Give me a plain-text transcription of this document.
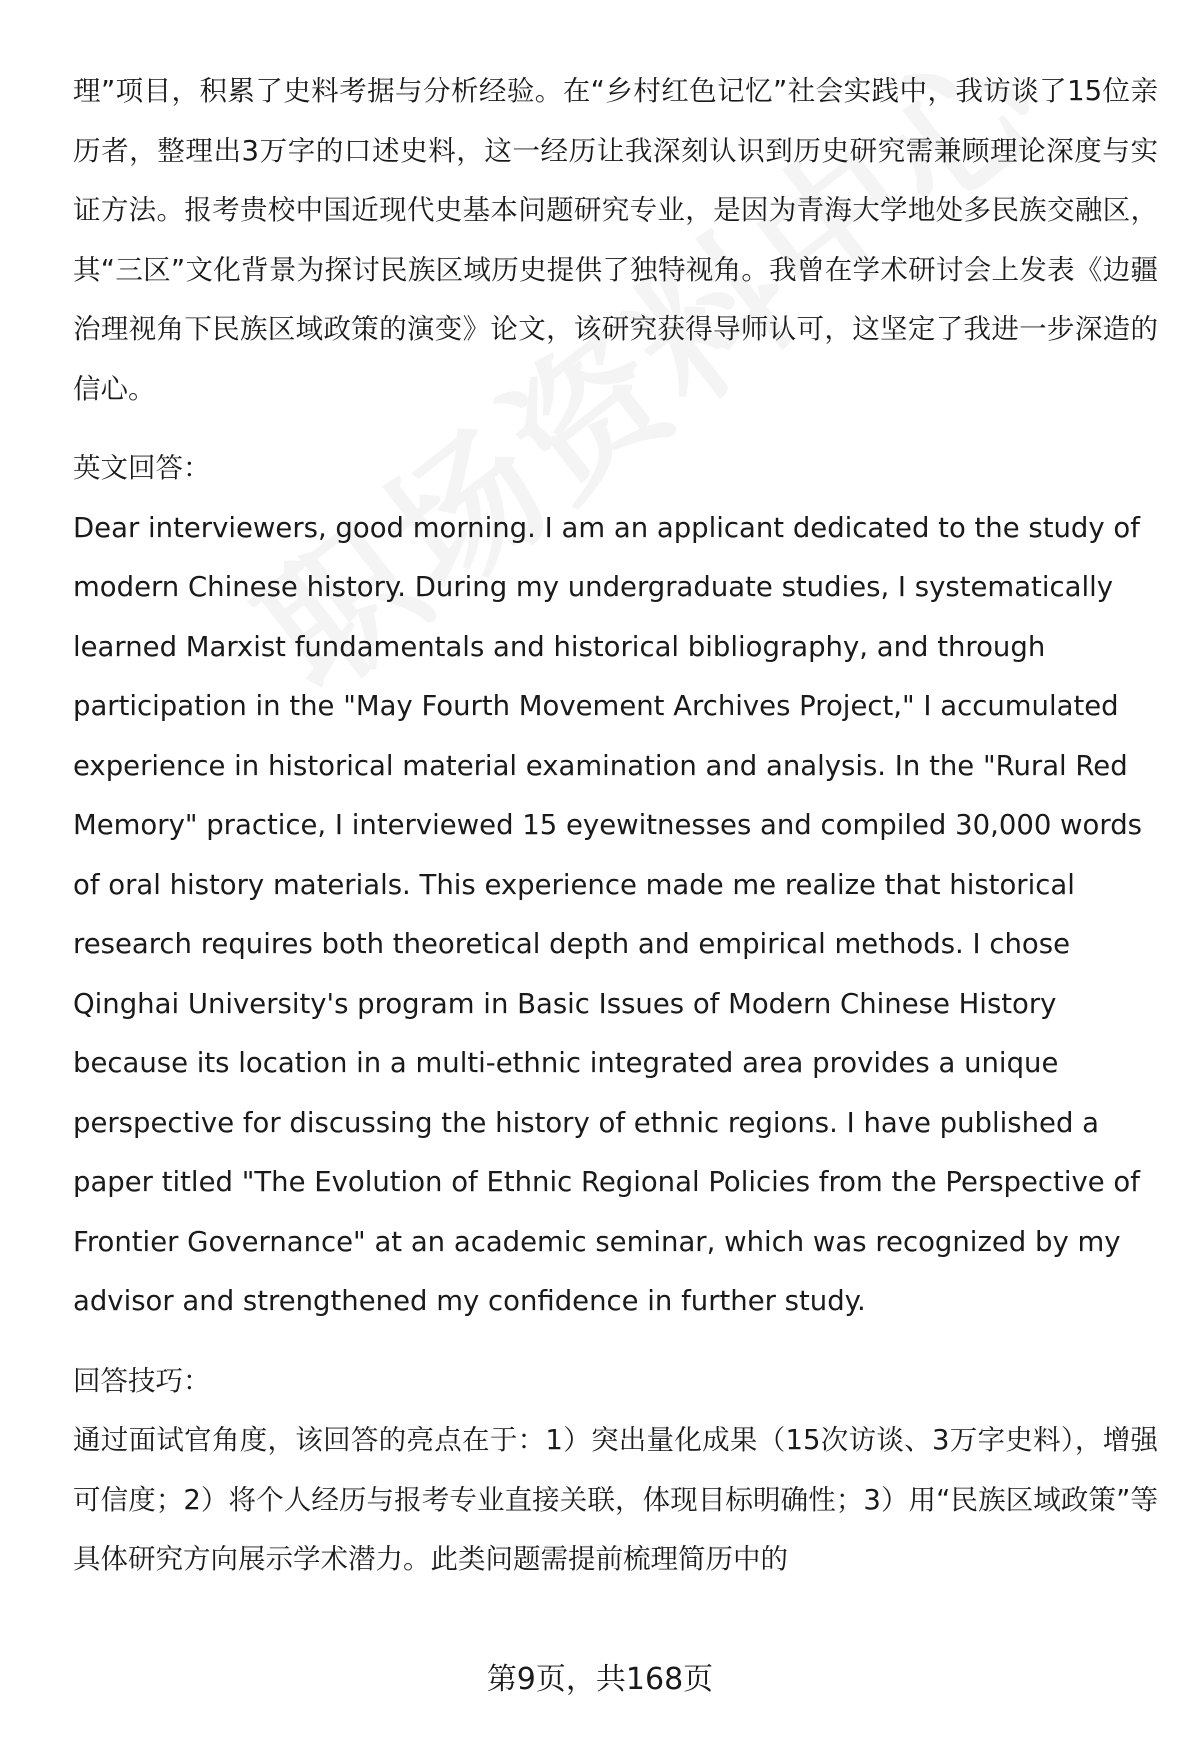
理”项目，积累了史料考据与分析经验。在“乡村红色记忆”社会实践中，我访谈了15位亲历者，整理出3万字的口述史料，这一经历让我深刻认识到历史研究需兼顾理论深度与实证方法。报考贵校中国近现代史基本问题研究专业，是因为青海大学地处多民族交融区，其“三区”文化背景为探讨民族区域历史提供了独特视角。我曾在学术研讨会上发表《边疆治理视角下民族区域政策的演变》论文，该研究获得导师认可，这坚定了我进一步深造的信心。

英文回答：

Dear interviewers, good morning. I am an applicant dedicated to the study of modern Chinese history. During my undergraduate studies, I systematically learned Marxist fundamentals and historical bibliography, and through participation in the "May Fourth Movement Archives Project," I accumulated experience in historical material examination and analysis. In the "Rural Red Memory" practice, I interviewed 15 eyewitnesses and compiled 30,000 words of oral history materials. This experience made me realize that historical research requires both theoretical depth and empirical methods. I chose Qinghai University's program in Basic Issues of Modern Chinese History because its location in a multi-ethnic integrated area provides a unique perspective for discussing the history of ethnic regions. I have published a paper titled "The Evolution of Ethnic Regional Policies from the Perspective of Frontier Governance" at an academic seminar, which was recognized by my advisor and strengthened my confidence in further study.

回答技巧：

通过面试官角度，该回答的亮点在于：1）突出量化成果（15次访谈、3万字史料），增强可信度；2）将个人经历与报考专业直接关联，体现目标明确性；3）用“民族区域政策”等具体研究方向展示学术潜力。此类问题需提前梳理简历中的

第9页，共168页
